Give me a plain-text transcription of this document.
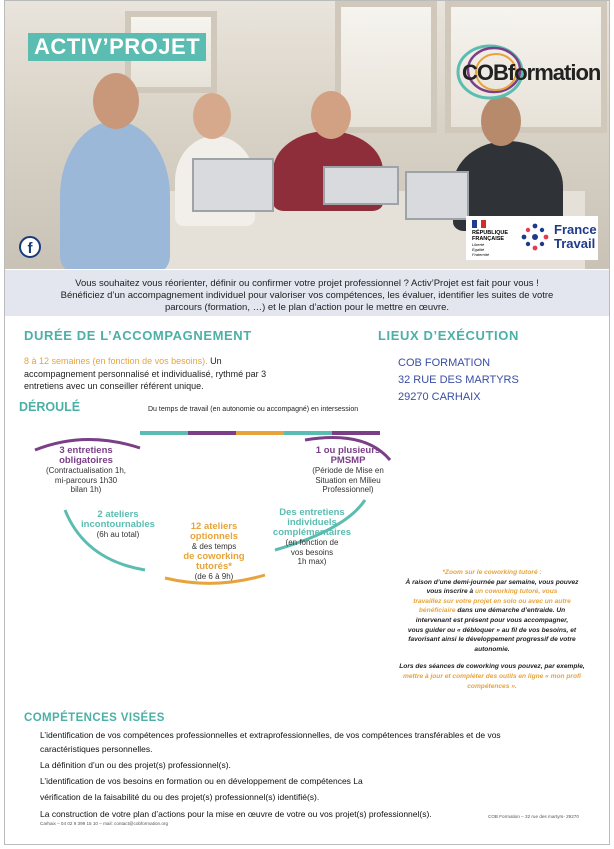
ACTIV’PROJET
COBformation
f
RÉPUBLIQUE
FRANÇAISE
Liberté
Égalité
Fraternité
France
Travail

Vous souhaitez vous réorienter, définir ou confirmer votre projet professionnel ? Activ’Projet est fait pour vous !

Bénéficiez d’un accompagnement individuel pour valoriser vos compétences, les évaluer, identifier les suites de votre

parcours (formation, …) et le plan d’action pour le mettre en œuvre.

DURÉE DE L’ACCOMPAGNEMENT
8 à 12 semaines (en fonction de vos besoins). Un
accompagnement personnalisé et individualisé, rythmé par 3
entretiens avec un conseiller référent unique.
LIEUX D’EXÉCUTION
COB FORMATION
32 RUE DES MARTYRS
29270 CARHAIX
DÉROULÉ	Du temps de travail (en autonomie ou accompagné) en intersession
3 entretiens
obligatoires
(Contractualisation 1h,
mi-parcours 1h30
bilan 1h)
2 ateliers
incontournables
(6h au total)
12 ateliers
optionnels
& des temps
de coworking
tutorés*
(de 6 à 9h)
Des entretiens
individuels
complémentaires
(en fonction de
vos besoins
1h max)
1 ou plusieurs
PMSMP
(Période de Mise en
Situation en Milieu
Professionnel)
*Zoom sur le coworking tutoré :
À raison d’une demi-journée par semaine, vous pouvez
vous inscrire à un coworking tutoré, vous
travaillez sur votre projet en solo ou avec un autre
bénéficiaire dans une démarche d’entraide. Un
intervenant est présent pour vous accompagner,
vous guider ou « débloquer » au fil de vos besoins, et
favorisant ainsi le développement progressif de votre
autonomie.
Lors des séances de coworking vous pouvez, par exemple,
mettre à jour et compléter des outils en ligne « mon profi
compétences ».
COMPÉTENCES VISÉES
L’identification de vos compétences professionnelles et extraprofessionnelles, de vos compétences transférables et de vos
caractéristiques personnelles.
La définition d’un ou des projet(s) professionnel(s).
L’identification de vos besoins en formation ou en développement de compétences La
vérification de la faisabilité du ou des projet(s) professionnel(s) identifié(s).
La construction de votre plan d’actions pour la mise en œuvre de votre ou vos projet(s) professionnel(s).
Carhaix – 04 02 9 399 15 10 – mail: contact@cobformation.org
COB Formation – 32 rue des martyrs- 29270
